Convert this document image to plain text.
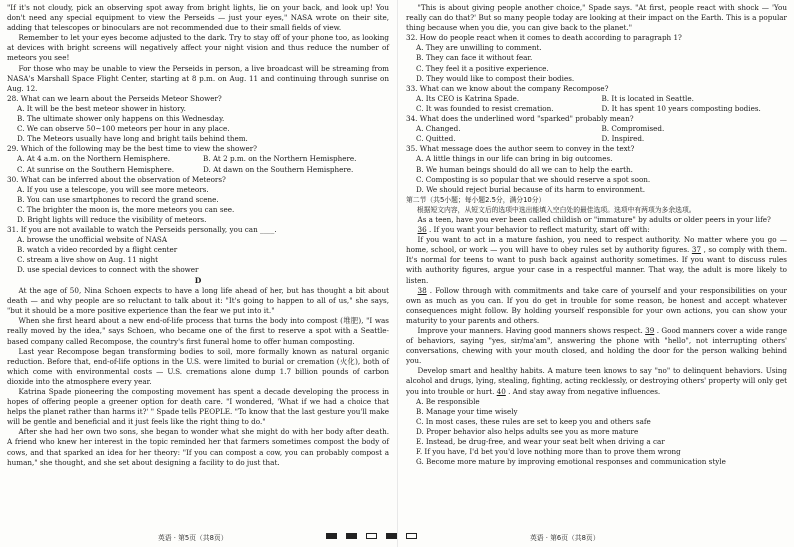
"If it's not cloudy, pick an observing spot away from bright lights, lie on your back, and look up! You don't need any special equipment to view the Perseids — just your eyes," NASA wrote on their site, adding that telescopes or binoculars are not recommended due to their small fields of view.

Remember to let your eyes become adjusted to the dark. Try to stay off of your phone too, as looking at devices with bright screens will negatively affect your night vision and thus reduce the number of meteors you see!

For those who may be unable to view the Perseids in person, a live broadcast will be streaming from NASA's Marshall Space Flight Center, starting at 8 p.m. on Aug. 11 and continuing through sunrise on Aug. 12.

28. What can we learn about the Perseids Meteor Shower?

A. It will be the best meteor shower in history.

B. The ultimate shower only happens on this Wednesday.

C. We can observe 50~100 meteors per hour in any place.

D. The Meteors usually have long and bright tails behind them.

29. Which of the following may be the best time to view the shower?

A. At 4 a.m. on the Northern Hemisphere.	B. At 2 p.m. on the Northern Hemisphere.
C. At sunrise on the Southern Hemisphere.	D. At dawn on the Southern Hemisphere.

30. What can be inferred about the observation of Meteors?

A. If you use a telescope, you will see more meteors.

B. You can use smartphones to record the grand scene.

C. The brighter the moon is, the more meteors you can see.

D. Bright lights will reduce the visibility of meteors.

31. If you are not available to watch the Perseids personally, you can ____.

A. browse the unofficial website of NASA

B. watch a video recorded by a flight center

C. stream a live show on Aug. 11 night

D. use special devices to connect with the shower

D

At the age of 50, Nina Schoen expects to have a long life ahead of her, but has thought a bit about death — and why people are so reluctant to talk about it: "It's going to happen to all of us," she says, "but it should be a more positive experience than the fear we put into it."

When she first heard about a new end-of-life process that turns the body into compost (堆肥), "I was really moved by the idea," says Schoen, who became one of the first to reserve a spot with a Seattle-based company called Recompose, the country's first funeral home to offer human composting.

Last year Recompose began transforming bodies to soil, more formally known as natural organic reduction. Before that, end-of-life options in the U.S. were limited to burial or cremation (火化), both of which come with environmental costs — U.S. cremations alone dump 1.7 billion pounds of carbon dioxide into the atmosphere every year.

Katrina Spade pioneering the composting movement has spent a decade developing the process in hopes of offering people a greener option for death care. "I wondered, 'What if we had a choice that helps the planet rather than harms it?' " Spade tells PEOPLE. "To know that the last gesture you'll make will be gentle and beneficial and it just feels like the right thing to do."

After she had her own two sons, she began to wonder what she might do with her body after death. A friend who knew her interest in the topic reminded her that farmers sometimes compost the body of cows, and that sparked an idea for her theory: "If you can compost a cow, you can probably compost a human," she thought, and she set about designing a facility to do just that.

"This is about giving people another choice," Spade says. "At first, people react with shock — 'You really can do that?' But so many people today are looking at their impact on the Earth. This is a popular thing because when you die, you can give back to the planet."

32. How do people react when it comes to death according to paragraph 1?

A. They are unwilling to comment.

B. They can face it without fear.

C. They feel it a positive experience.

D. They would like to compost their bodies.

33. What can we know about the company Recompose?

A. Its CEO is Katrina Spade.	B. It is located in Seattle.
C. It was founded to resist cremation.	D. It has spent 10 years composting bodies.

34. What does the underlined word "sparked" probably mean?

A. Changed.	B. Compromised.
C. Quitted.	D. Inspired.

35. What message does the author seem to convey in the text?

A. A little things in our life can bring in big outcomes.

B. We human beings should do all we can to help the earth.

C. Composting is so popular that we should reserve a spot soon.

D. We should reject burial because of its harm to environment.

第二节（共5小题；每小题2.5分，满分10分）

根据短文内容，从短文后的选项中选出能填入空白处的最佳选项。选项中有两项为多余选项。

As a teen, have you ever been called childish or "immature" by adults or older peers in your life?

36 . If you want your behavior to reflect maturity, start off with:

If you want to act in a mature fashion, you need to respect authority. No matter where you go — home, school, or work — you will have to obey rules set by authority figures. 37 , so comply with them. It's normal for teens to want to push back against authority sometimes. If you want to discuss rules with authority figures, argue your case in a respectful manner. That way, the adult is more likely to listen.

38 . Follow through with commitments and take care of yourself and your responsibilities on your own as much as you can. If you do get in trouble for some reason, be honest and accept whatever consequences might follow. By holding yourself responsible for your own actions, you can show your maturity to your parents and others.

Improve your manners. Having good manners shows respect. 39 . Good manners cover a wide range of behaviors, saying "yes, sir/ma'am", answering the phone with "hello", not interrupting others' conversations, chewing with your mouth closed, and holding the door for the person walking behind you.

Develop smart and healthy habits. A mature teen knows to say "no" to delinquent behaviors. Using alcohol and drugs, lying, stealing, fighting, acting recklessly, or destroying others' property will only get you into trouble or hurt. 40 . And stay away from negative influences.

A. Be responsible

B. Manage your time wisely

C. In most cases, these rules are set to keep you and others safe

D. Proper behavior also helps adults see you as more mature

E. Instead, be drug-free, and wear your seat belt when driving a car

F. If you have, I'd bet you'd love nothing more than to prove them wrong

G. Become more mature by improving emotional responses and communication style

英语 · 第5页（共8页）	英语 · 第6页（共8页）
